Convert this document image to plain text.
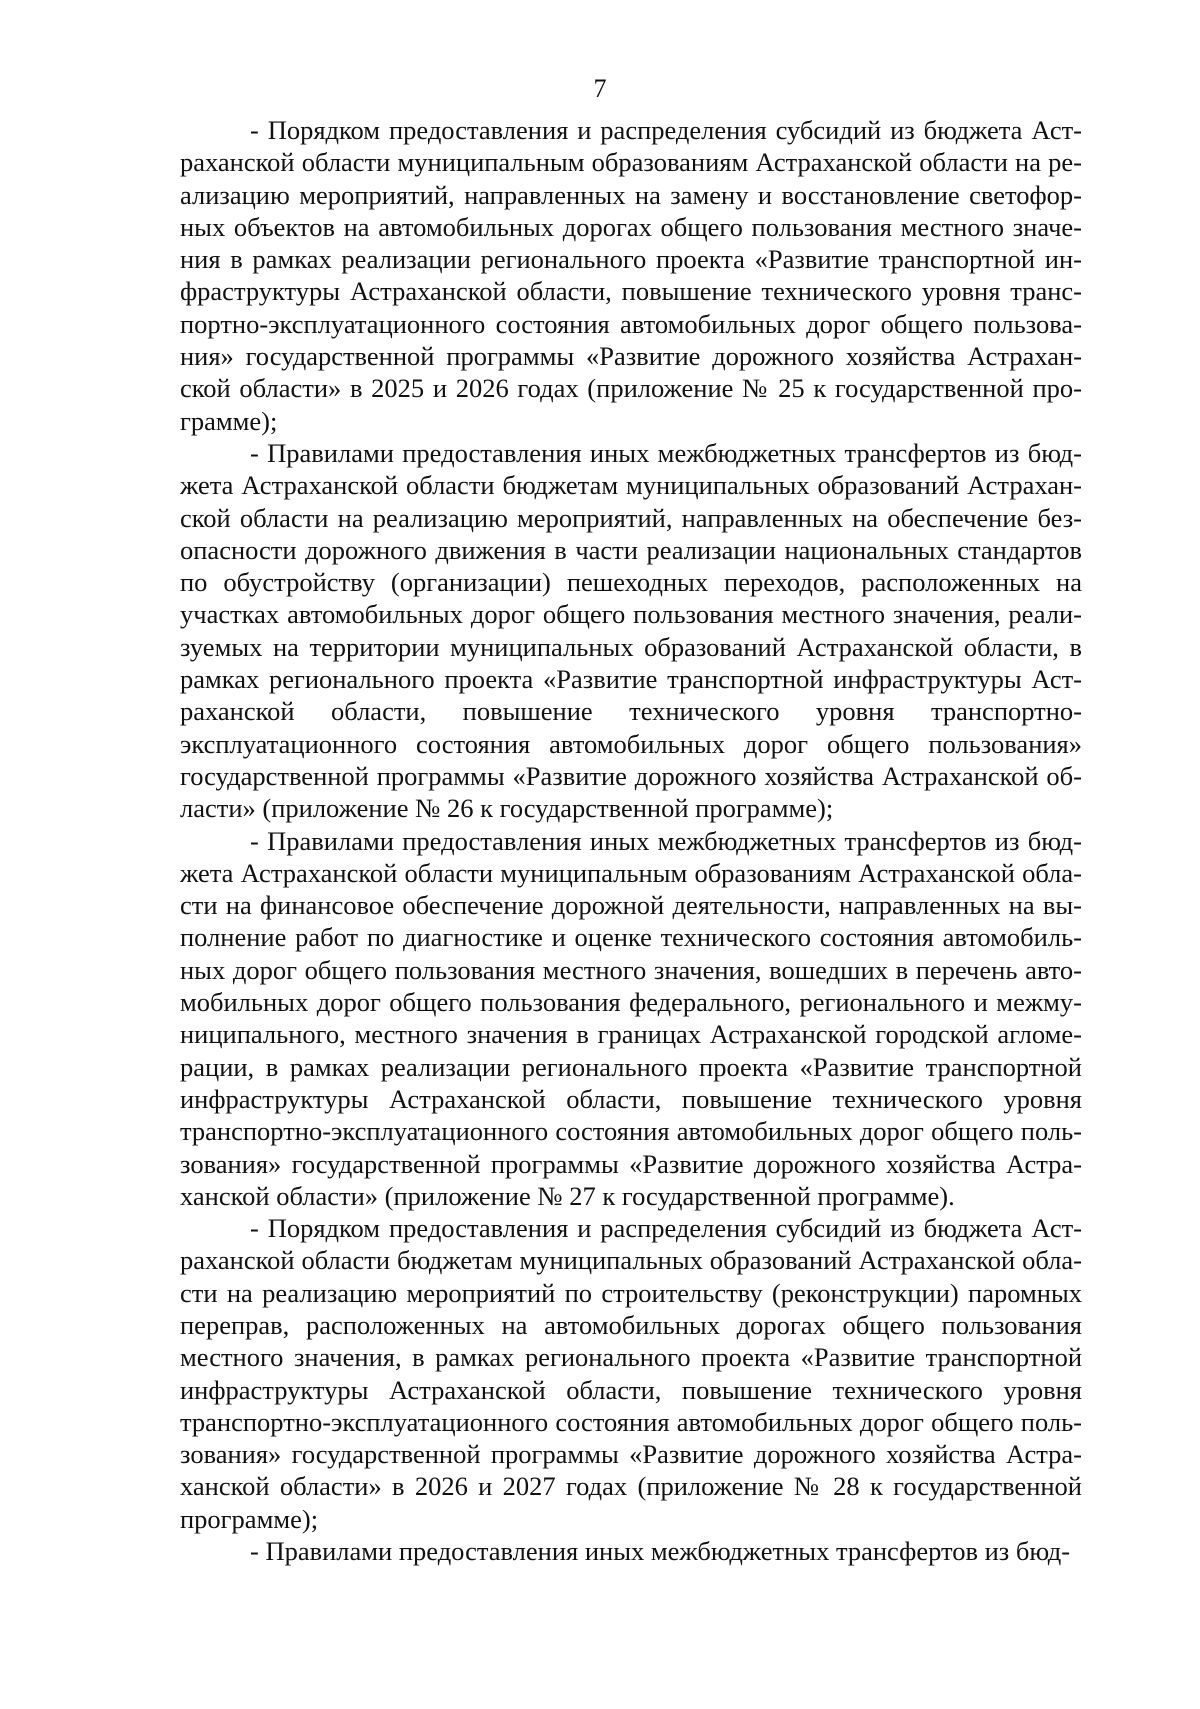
7

- Порядком предоставления и распределения субсидий из бюджета Астраханской области муниципальным образованиям Астраханской области на реализацию мероприятий, направленных на замену и восстановление светофорных объектов на автомобильных дорогах общего пользования местного значения в рамках реализации регионального проекта «Развитие транспортной инфраструктуры Астраханской области, повышение технического уровня транспортно-эксплуатационного состояния автомобильных дорог общего пользования» государственной программы «Развитие дорожного хозяйства Астраханской области» в 2025 и 2026 годах (приложение № 25 к государственной программе);

- Правилами предоставления иных межбюджетных трансфертов из бюджета Астраханской области бюджетам муниципальных образований Астраханской области на реализацию мероприятий, направленных на обеспечение безопасности дорожного движения в части реализации национальных стандартов по обустройству (организации) пешеходных переходов, расположенных на участках автомобильных дорог общего пользования местного значения, реализуемых на территории муниципальных образований Астраханской области, в рамках регионального проекта «Развитие транспортной инфраструктуры Астраханской области, повышение технического уровня транспортно-эксплуатационного состояния автомобильных дорог общего пользования» государственной программы «Развитие дорожного хозяйства Астраханской области» (приложение № 26 к государственной программе);

- Правилами предоставления иных межбюджетных трансфертов из бюджета Астраханской области муниципальным образованиям Астраханской области на финансовое обеспечение дорожной деятельности, направленных на выполнение работ по диагностике и оценке технического состояния автомобильных дорог общего пользования местного значения, вошедших в перечень автомобильных дорог общего пользования федерального, регионального и межмуниципального, местного значения в границах Астраханской городской агломерации, в рамках реализации регионального проекта «Развитие транспортной инфраструктуры Астраханской области, повышение технического уровня транспортно-эксплуатационного состояния автомобильных дорог общего пользования» государственной программы «Развитие дорожного хозяйства Астраханской области» (приложение № 27 к государственной программе).

- Порядком предоставления и распределения субсидий из бюджета Астраханской области бюджетам муниципальных образований Астраханской области на реализацию мероприятий по строительству (реконструкции) паромных переправ, расположенных на автомобильных дорогах общего пользования местного значения, в рамках регионального проекта «Развитие транспортной инфраструктуры Астраханской области, повышение технического уровня транспортно-эксплуатационного состояния автомобильных дорог общего пользования» государственной программы «Развитие дорожного хозяйства Астраханской области» в 2026 и 2027 годах (приложение № 28 к государственной программе);

- Правилами предоставления иных межбюджетных трансфертов из бюд-
